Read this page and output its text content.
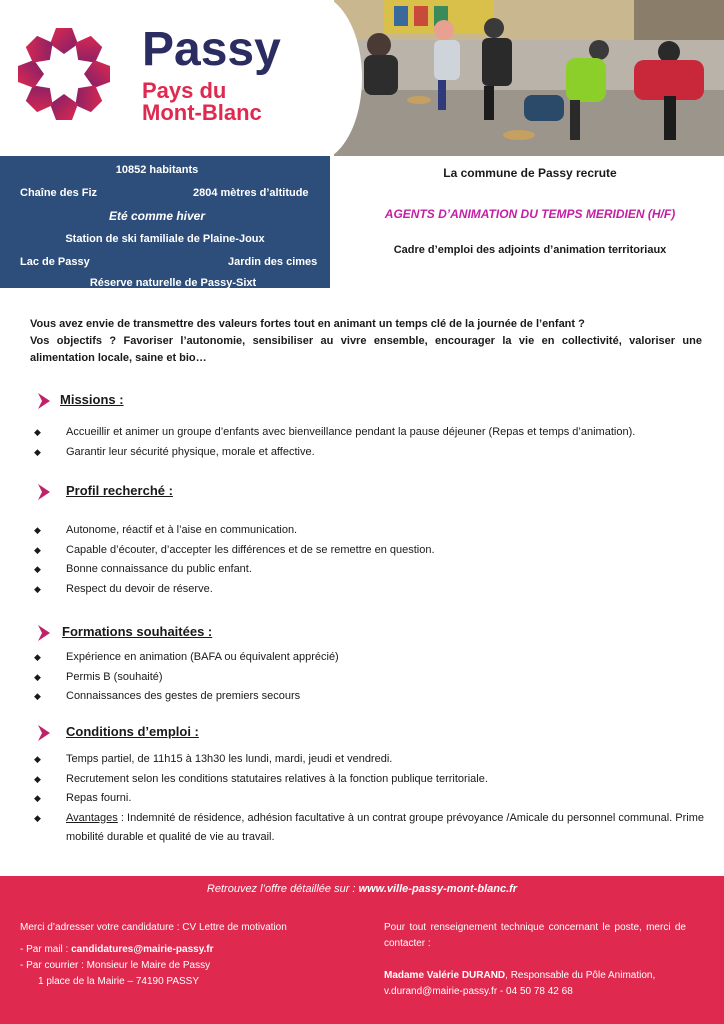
Passy
Pays du
Mont-Blanc
10852 habitants
Chaîne des Fiz	2804 mètres d’altitude
Eté comme hiver
Station de ski familiale de Plaine-Joux
Lac de Passy	Jardin des cimes
Réserve naturelle de Passy-Sixt
La commune de Passy recrute
AGENTS D’ANIMATION DU TEMPS MERIDIEN (H/F)
Cadre d’emploi des adjoints d’animation territoriaux
Vous avez envie de transmettre des valeurs fortes tout en animant un temps clé de la journée de l’enfant ?
Vos objectifs ? Favoriser l’autonomie, sensibiliser au vivre ensemble, encourager la vie en collectivité, valoriser une alimentation locale, saine et bio…
Missions :
◆ Accueillir et animer un groupe d’enfants avec bienveillance pendant la pause déjeuner (Repas et temps d’animation).
◆ Garantir leur sécurité physique, morale et affective.
Profil recherché :
◆ Autonome, réactif et à l’aise en communication.
◆ Capable d’écouter, d’accepter les différences et de se remettre en question.
◆ Bonne connaissance du public enfant.
◆ Respect du devoir de réserve.
Formations souhaitées :
◆ Expérience en animation (BAFA ou équivalent apprécié)
◆ Permis B (souhaité)
◆ Connaissances des gestes de premiers secours
Conditions d’emploi :
◆ Temps partiel, de 11h15 à 13h30 les lundi, mardi, jeudi et vendredi.
◆ Recrutement selon les conditions statutaires relatives à la fonction publique territoriale.
◆ Repas fourni.
◆ Avantages : Indemnité de résidence, adhésion facultative à un contrat groupe prévoyance /Amicale du personnel communal. Prime mobilité durable et qualité de vie au travail.
Retrouvez l’offre détaillée sur : www.ville-passy-mont-blanc.fr
Merci d’adresser votre candidature : CV Lettre de motivation
- Par mail : candidatures@mairie-passy.fr
- Par courrier : Monsieur le Maire de Passy
1 place de la Mairie – 74190 PASSY
Pour tout renseignement technique concernant le poste, merci de contacter :
Madame Valérie DURAND, Responsable du Pôle Animation,
v.durand@mairie-passy.fr - 04 50 78 42 68
